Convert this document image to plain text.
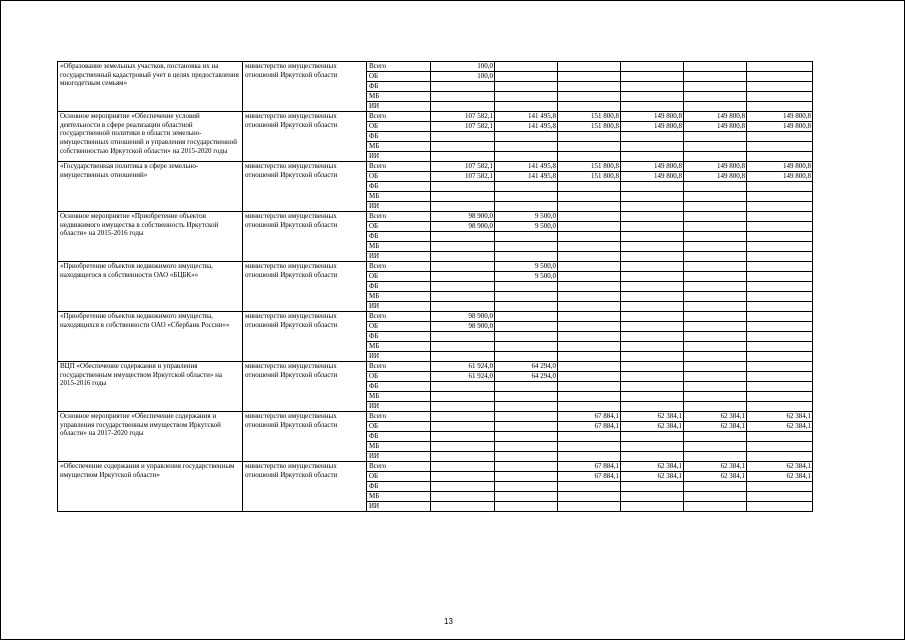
«Образование земельных участков, постановка их на государственный кадастровый учет в целях предоставления многодетным семьям»	министерство имущественных отношений Иркутской области	Всего	100,0					
		ОБ	100,0					
		ФБ						
		МБ						
		ИИ						
Основное мероприятие «Обеспечение условий деятельности в сфере реализации областной государственной политики в области земельно-имущественных отношений и управления государственной собственностью Иркутской области» на 2015-2020 годы	министерство имущественных отношений Иркутской области	Всего	107 582,1	141 495,8	151 800,8	149 800,8	149 800,8	149 800,8
		ОБ	107 582,1	141 495,8	151 800,8	149 800,8	149 800,8	149 800,8
		ФБ						
		МБ						
		ИИ						
«Государственная политика в сфере земельно-имущественных отношений»	министерство имущественных отношений Иркутской области	Всего	107 582,1	141 495,8	151 800,8	149 800,8	149 800,8	149 800,8
		ОБ	107 582,1	141 495,8	151 800,8	149 800,8	149 800,8	149 800,8
		ФБ						
		МБ						
		ИИ						
Основное мероприятие «Приобретение объектов недвижимого имущества в собственность Иркутской области» на 2015-2016 годы	министерство имущественных отношений Иркутской области	Всего	98 900,0	9 500,0				
		ОБ	98 900,0	9 500,0				
		ФБ						
		МБ						
		ИИ						
«Приобретение объектов недвижимого имущества, находящегося в собственности ОАО «БЦБК»»	министерство имущественных отношений Иркутской области	Всего		9 500,0				
		ОБ		9 500,0				
		ФБ						
		МБ						
		ИИ						
«Приобретение объектов недвижимого имущества, находящихся в собственности ОАО «Сбербанк России»»	министерство имущественных отношений Иркутской области	Всего	98 900,0					
		ОБ	98 900,0					
		ФБ						
		МБ						
		ИИ						
ВЦП «Обеспечение содержания и управления государственным имуществом Иркутской области» на 2015-2016 годы	министерство имущественных отношений Иркутской области	Всего	61 924,0	64 294,0				
		ОБ	61 924,0	64 294,0				
		ФБ						
		МБ						
		ИИ						
Основное мероприятие «Обеспечение содержания и управления государственным имуществом Иркутской области» на 2017-2020 годы	министерство имущественных отношений Иркутской области	Всего			67 884,1	62 384,1	62 384,1	62 384,1
		ОБ			67 884,1	62 384,1	62 384,1	62 384,1
		ФБ						
		МБ						
		ИИ						
«Обеспечение содержания и управления государственным имуществом Иркутской области»	министерство имущественных отношений Иркутской области	Всего			67 884,1	62 384,1	62 384,1	62 384,1
		ОБ			67 884,1	62 384,1	62 384,1	62 384,1
		ФБ						
		МБ						
		ИИ						
13
